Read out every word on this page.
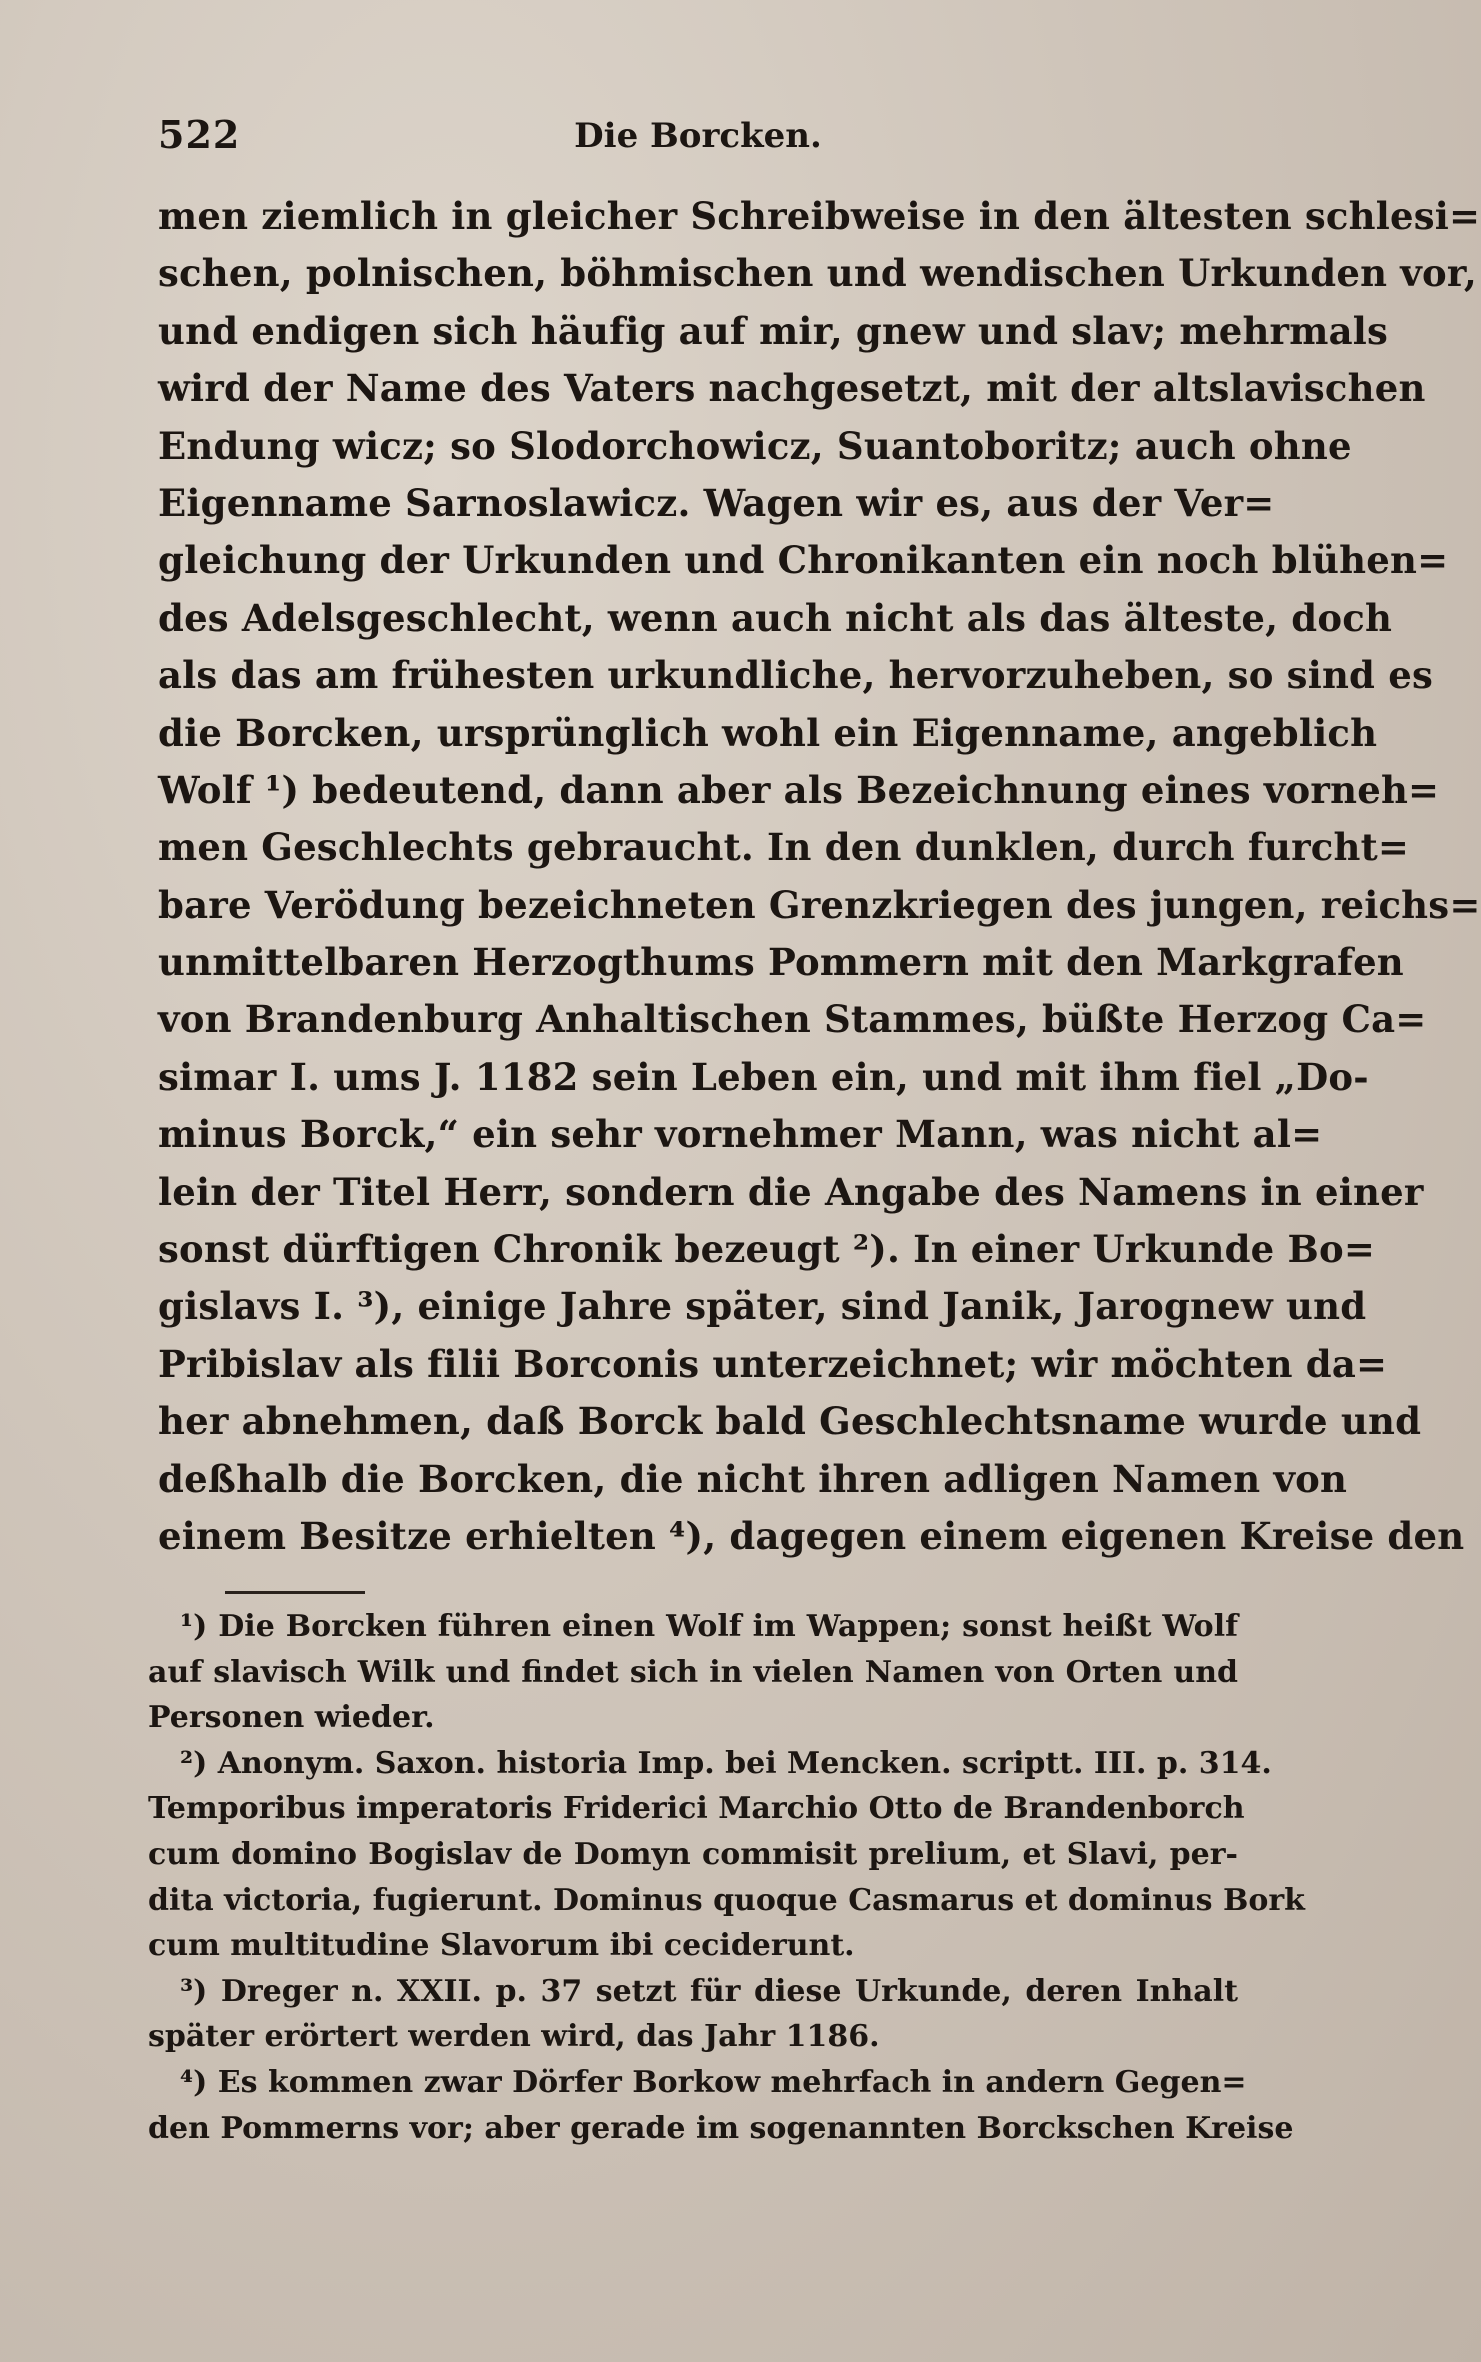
522	Die Borcken.
men ziemlich in gleicher Schreibweise in den ältesten schlesi=
schen, polnischen, böhmischen und wendischen Urkunden vor,
und endigen sich häufig auf mir, gnew und slav; mehrmals
wird der Name des Vaters nachgesetzt, mit der altslavischen
Endung wicz; so Slodorchowicz, Suantoboritz; auch ohne
Eigenname Sarnoslawicz. Wagen wir es, aus der Ver=
gleichung der Urkunden und Chronikanten ein noch blühen=
des Adelsgeschlecht, wenn auch nicht als das älteste, doch
als das am frühesten urkundliche, hervorzuheben, so sind es
die Borcken, ursprünglich wohl ein Eigenname, angeblich
Wolf ¹) bedeutend, dann aber als Bezeichnung eines vorneh=
men Geschlechts gebraucht. In den dunklen, durch furcht=
bare Verödung bezeichneten Grenzkriegen des jungen, reichs=
unmittelbaren Herzogthums Pommern mit den Markgrafen
von Brandenburg Anhaltischen Stammes, büßte Herzog Ca=
simar I. ums J. 1182 sein Leben ein, und mit ihm fiel „Do-
minus Borck,“ ein sehr vornehmer Mann, was nicht al=
lein der Titel Herr, sondern die Angabe des Namens in einer
sonst dürftigen Chronik bezeugt ²). In einer Urkunde Bo=
gislavs I. ³), einige Jahre später, sind Janik, Jarognew und
Pribislav als filii Borconis unterzeichnet; wir möchten da=
her abnehmen, daß Borck bald Geschlechtsname wurde und
deßhalb die Borcken, die nicht ihren adligen Namen von
einem Besitze erhielten ⁴), dagegen einem eigenen Kreise den
¹) Die Borcken führen einen Wolf im Wappen; sonst heißt Wolf
auf slavisch Wilk und findet sich in vielen Namen von Orten und
Personen wieder.
²) Anonym. Saxon. historia Imp. bei Mencken. scriptt. III. p. 314.
Temporibus imperatoris Friderici Marchio Otto de Brandenborch
cum domino Bogislav de Domyn commisit prelium, et Slavi, per-
dita victoria, fugierunt. Dominus quoque Casmarus et dominus Bork
cum multitudine Slavorum ibi ceciderunt.
³) Dreger n. XXII. p. 37 setzt für diese Urkunde, deren Inhalt
später erörtert werden wird, das Jahr 1186.
⁴) Es kommen zwar Dörfer Borkow mehrfach in andern Gegen=
den Pommerns vor; aber gerade im sogenannten Borckschen Kreise
